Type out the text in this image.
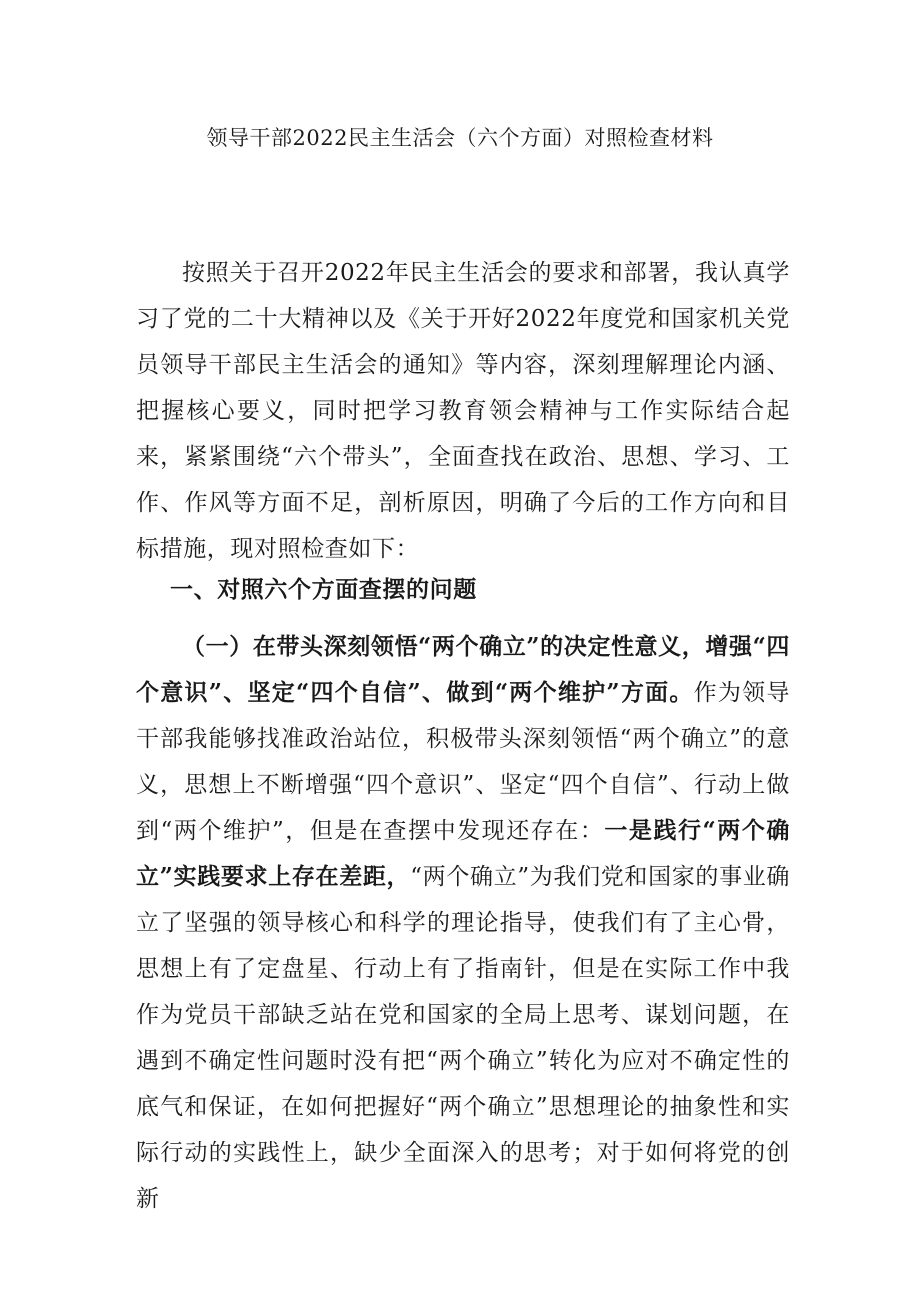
领导干部2022民主生活会（六个方面）对照检查材料

按照关于召开2022年民主生活会的要求和部署，我认真学习了党的二十大精神以及《关于开好2022年度党和国家机关党员领导干部民主生活会的通知》等内容，深刻理解理论内涵、把握核心要义，同时把学习教育领会精神与工作实际结合起来，紧紧围绕“六个带头”，全面查找在政治、思想、学习、工作、作风等方面不足，剖析原因，明确了今后的工作方向和目标措施，现对照检查如下：

一、对照六个方面查摆的问题

（一）在带头深刻领悟“两个确立”的决定性意义，增强“四个意识”、坚定“四个自信”、做到“两个维护”方面。作为领导干部我能够找准政治站位，积极带头深刻领悟“两个确立”的意义，思想上不断增强“四个意识”、坚定“四个自信”、行动上做到“两个维护”，但是在查摆中发现还存在：一是践行“两个确立”实践要求上存在差距，“两个确立”为我们党和国家的事业确立了坚强的领导核心和科学的理论指导，使我们有了主心骨，思想上有了定盘星、行动上有了指南针，但是在实际工作中我作为党员干部缺乏站在党和国家的全局上思考、谋划问题，在遇到不确定性问题时没有把“两个确立”转化为应对不确定性的底气和保证，在如何把握好“两个确立”思想理论的抽象性和实际行动的实践性上，缺少全面深入的思考；对于如何将党的创新
